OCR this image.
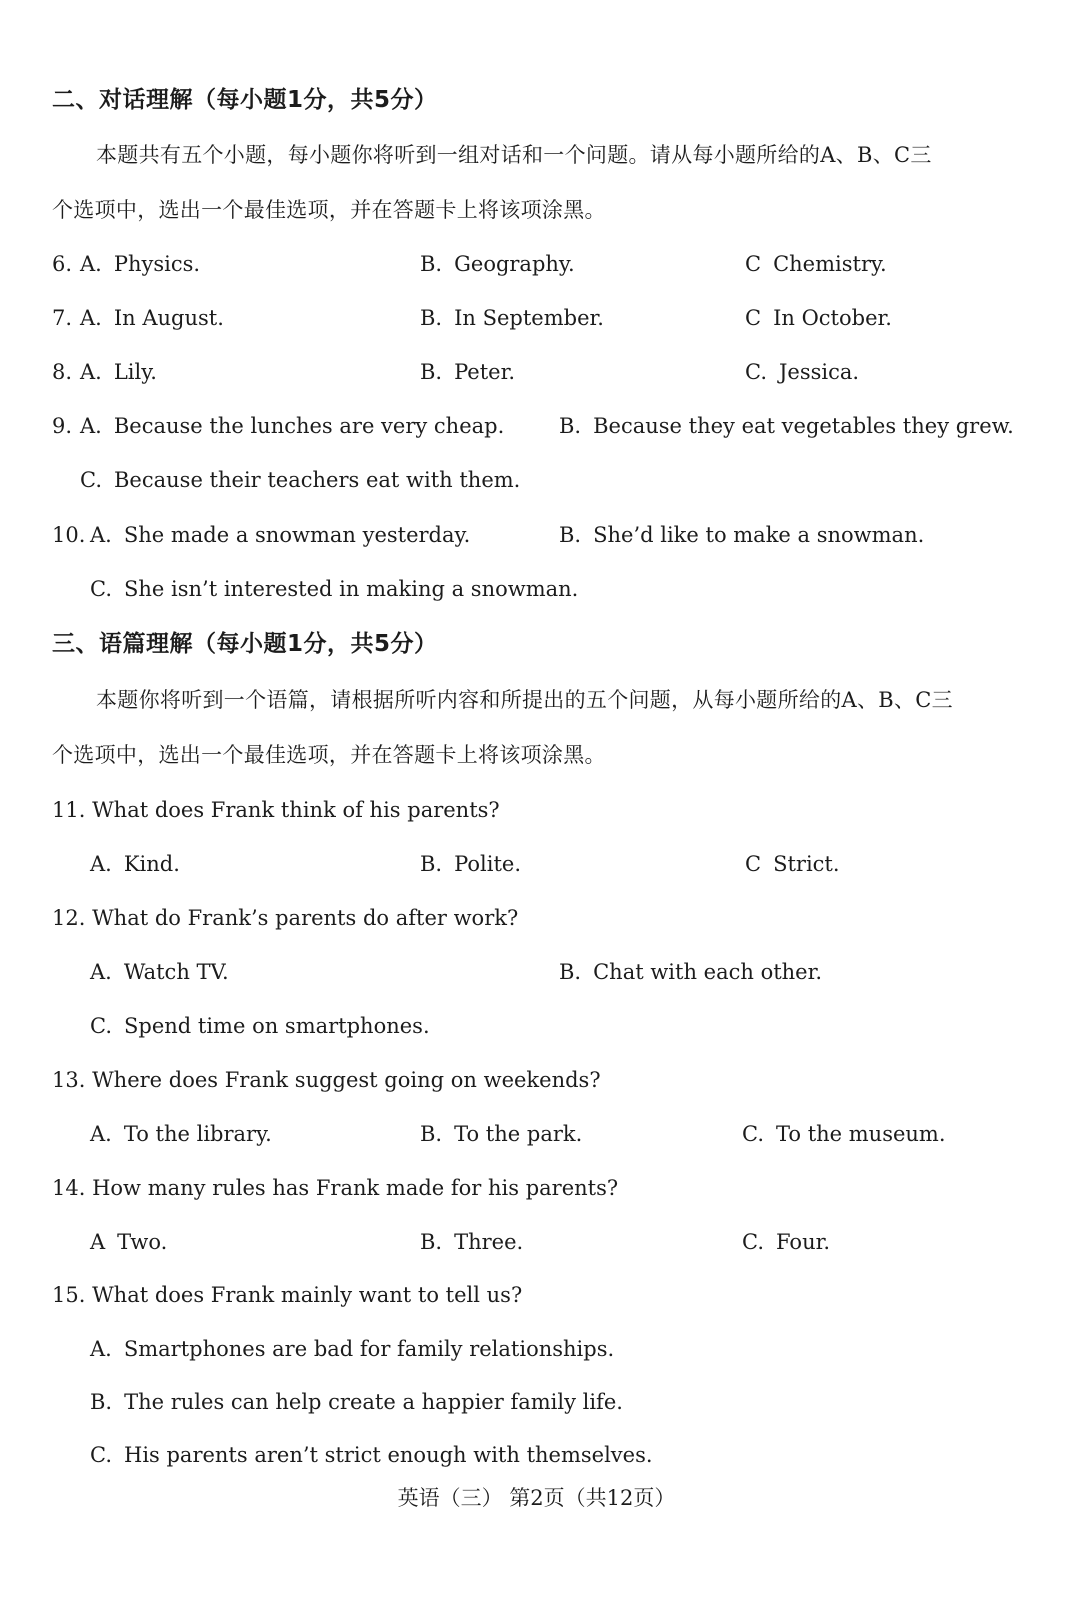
二、对话理解（每小题1分，共5分）
本题共有五个小题，每小题你将听到一组对话和一个问题。请从每小题所给的A、B、C三
个选项中，选出一个最佳选项，并在答题卡上将该项涂黑。
6. A. Physics.	B. Geography.	C Chemistry.
7. A. In August.	B. In September.	C In October.
8. A. Lily.	B. Peter.	C. Jessica.
9. A. Because the lunches are very cheap.	B. Because they eat vegetables they grew.
C. Because their teachers eat with them.
10. A. She made a snowman yesterday.	B. She’d like to make a snowman.
C. She isn’t interested in making a snowman.
三、语篇理解（每小题1分，共5分）
本题你将听到一个语篇，请根据所听内容和所提出的五个问题，从每小题所给的A、B、C三
个选项中，选出一个最佳选项，并在答题卡上将该项涂黑。
11. What does Frank think of his parents?
A. Kind.	B. Polite.	C Strict.
12. What do Frank’s parents do after work?
A. Watch TV.	B. Chat with each other.
C. Spend time on smartphones.
13. Where does Frank suggest going on weekends?
A. To the library.	B. To the park.	C. To the museum.
14. How many rules has Frank made for his parents?
A Two.	B. Three.	C. Four.
15. What does Frank mainly want to tell us?
A. Smartphones are bad for family relationships.
B. The rules can help create a happier family life.
C. His parents aren’t strict enough with themselves.
英语（三） 第2页（共12页）
